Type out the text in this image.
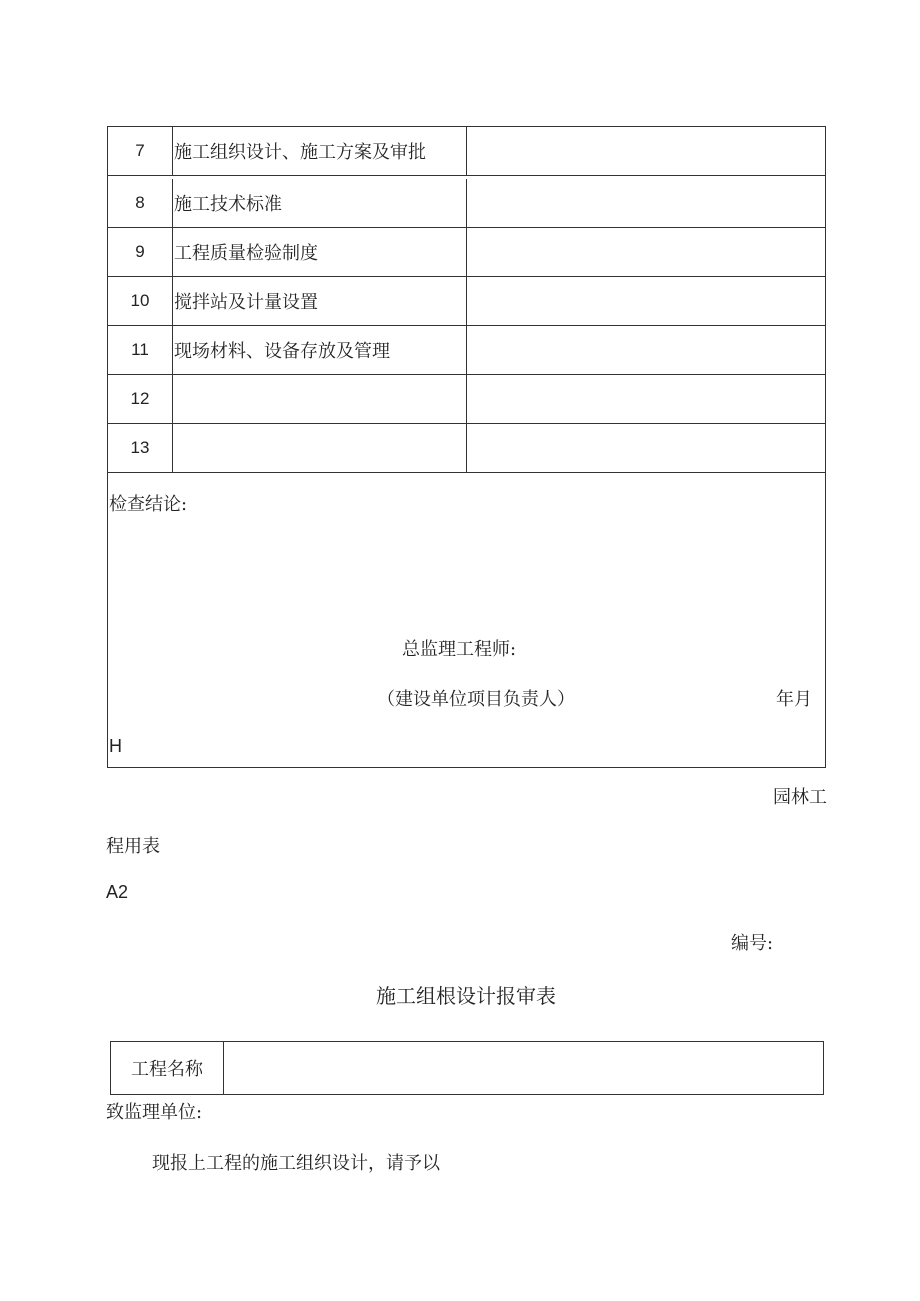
7	施工组织设计、施工方案及审批
8	施工技术标准
9	工程质量检验制度
10	搅拌站及计量设置
11	现场材料、设备存放及管理
12
13
检查结论:
总监理工程师:
（建设单位项目负责人）	年月
H
园林工
程用表
A2
编号:
施工组根设计报审表
工程名称
致监理单位:
现报上工程的施工组织设计，请予以
